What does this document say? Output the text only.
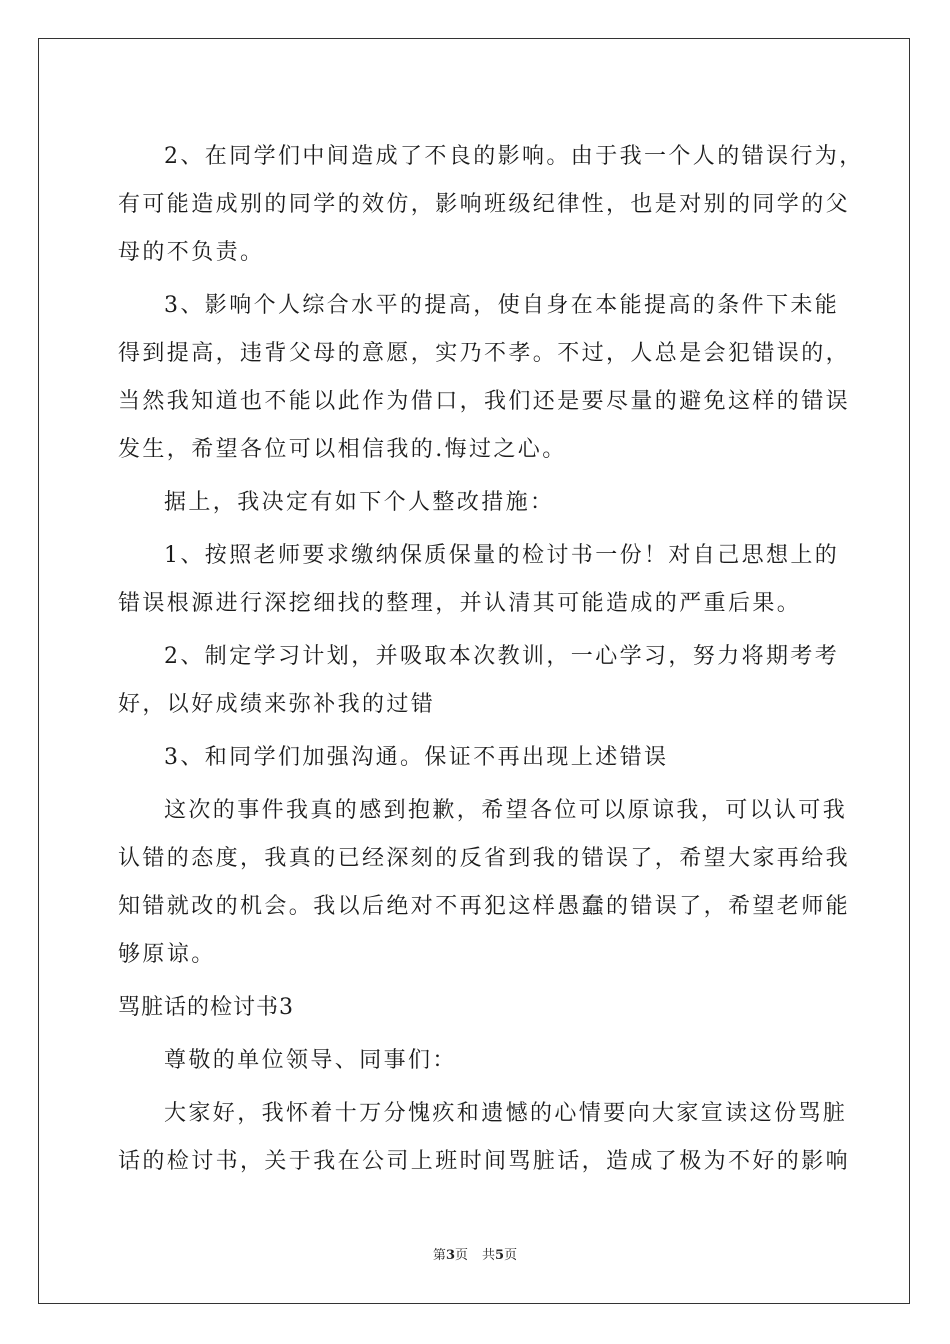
2、在同学们中间造成了不良的影响。由于我一个人的错误行为，
有可能造成别的同学的效仿，影响班级纪律性，也是对别的同学的父
母的不负责。
3、影响个人综合水平的提高，使自身在本能提高的条件下未能
得到提高，违背父母的意愿，实乃不孝。不过，人总是会犯错误的，
当然我知道也不能以此作为借口，我们还是要尽量的避免这样的错误
发生，希望各位可以相信我的.悔过之心。
据上，我决定有如下个人整改措施：
1、按照老师要求缴纳保质保量的检讨书一份！对自己思想上的
错误根源进行深挖细找的整理，并认清其可能造成的严重后果。
2、制定学习计划，并吸取本次教训，一心学习，努力将期考考
好，以好成绩来弥补我的过错
3、和同学们加强沟通。保证不再出现上述错误
这次的事件我真的感到抱歉，希望各位可以原谅我，可以认可我
认错的态度，我真的已经深刻的反省到我的错误了，希望大家再给我
知错就改的机会。我以后绝对不再犯这样愚蠢的错误了，希望老师能
够原谅。
骂脏话的检讨书3
尊敬的单位领导、同事们：
大家好，我怀着十万分愧疚和遗憾的心情要向大家宣读这份骂脏
话的检讨书，关于我在公司上班时间骂脏话，造成了极为不好的影响
第3页 共5页
